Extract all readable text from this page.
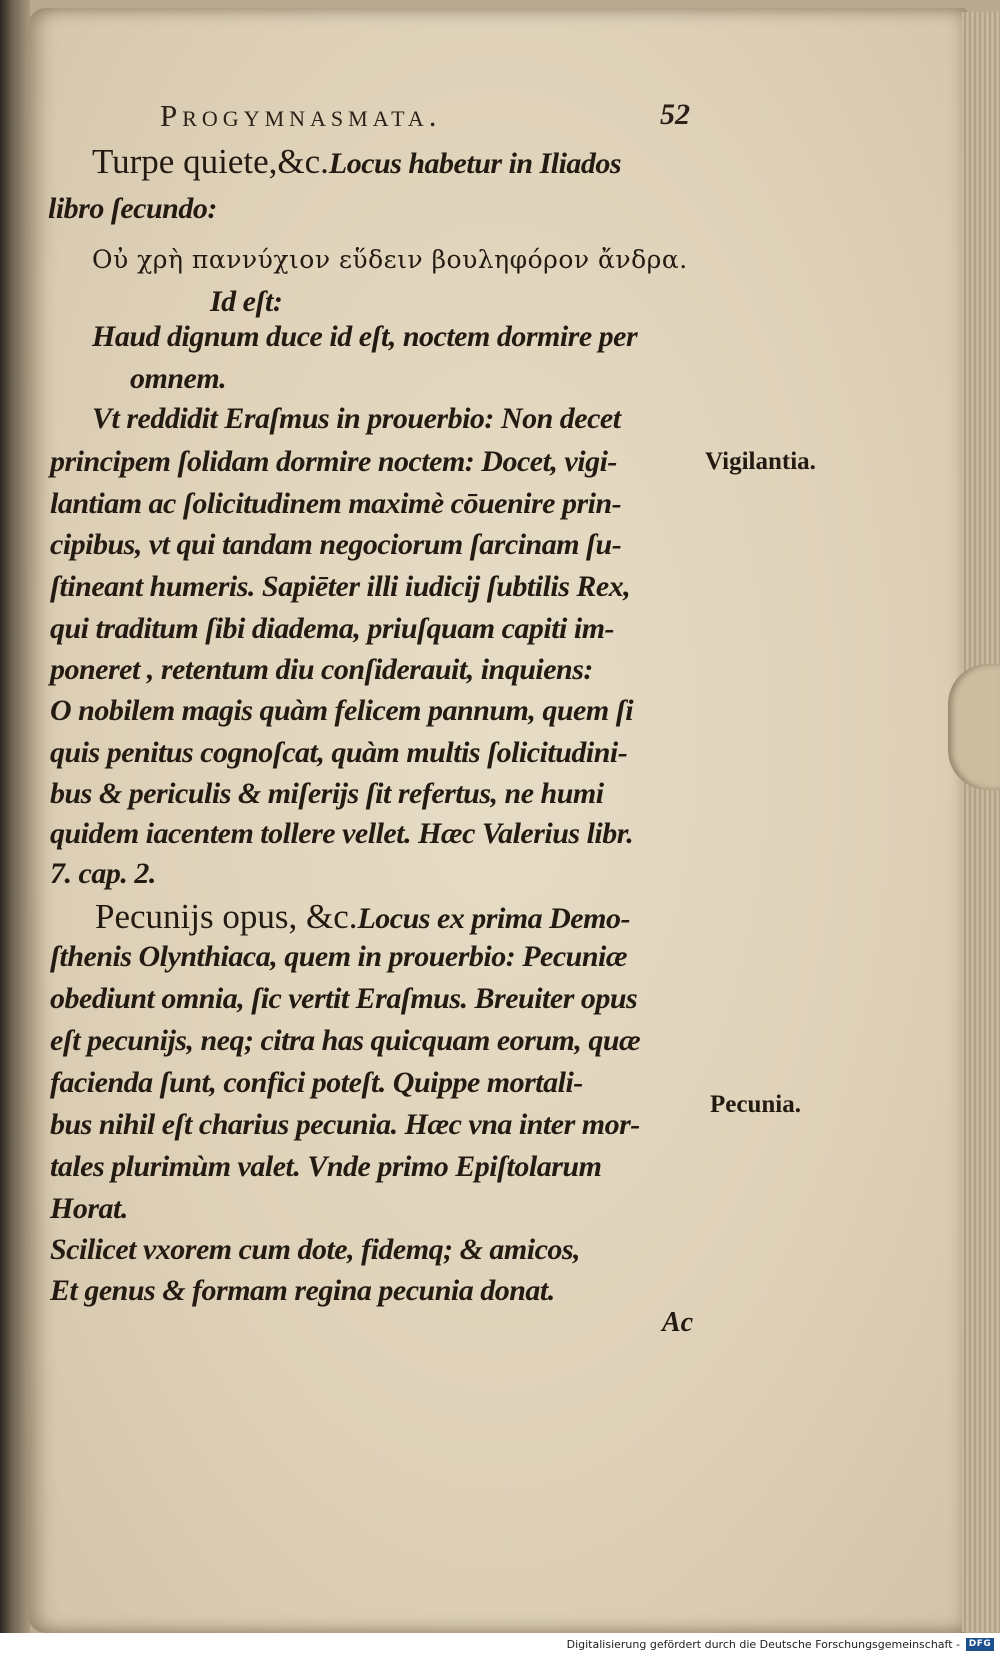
Progymnasmata.	52
Turpe quiete,&c.Locus habetur in Iliados
libro ſecundo:
Οὐ χρὴ παννύχιον εὕδειν βουληφόρον ἄνδρα.
Id eſt:
Haud dignum duce id eſt, noctem dormire per
omnem.
Vt reddidit Eraſmus in prouerbio: Non decet
principem ſolidam dormire noctem: Docet, vigi-
lantiam ac ſolicitudinem maximè cōuenire prin-
cipibus, vt qui tandam negociorum ſarcinam ſu-
ſtineant humeris. Sapiēter illi iudicij ſubtilis Rex,
qui traditum ſibi diadema, priuſquam capiti im-
poneret , retentum diu conſiderauit, inquiens:
O nobilem magis quàm felicem pannum, quem ſi
quis penitus cognoſcat, quàm multis ſolicitudini-
bus & periculis & miſerijs ſit refertus, ne humi
quidem iacentem tollere vellet. Hæc Valerius libr.
7. cap. 2.
Pecunijs opus, &c.Locus ex prima Demo-
ſthenis Olynthiaca, quem in prouerbio: Pecuniæ
obediunt omnia, ſic vertit Eraſmus. Breuiter opus
eſt pecunijs, neq; citra has quicquam eorum, quæ
facienda ſunt, confici poteſt. Quippe mortali-
bus nihil eſt charius pecunia. Hæc vna inter mor-
tales plurimùm valet. Vnde primo Epiſtolarum
Horat.
Scilicet vxorem cum dote, fidemq; & amicos,
Et genus & formam regina pecunia donat.
Vigilantia.
Pecunia.
Ac
Digitalisierung gefördert durch die Deutsche Forschungsgemeinschaft - DFG
